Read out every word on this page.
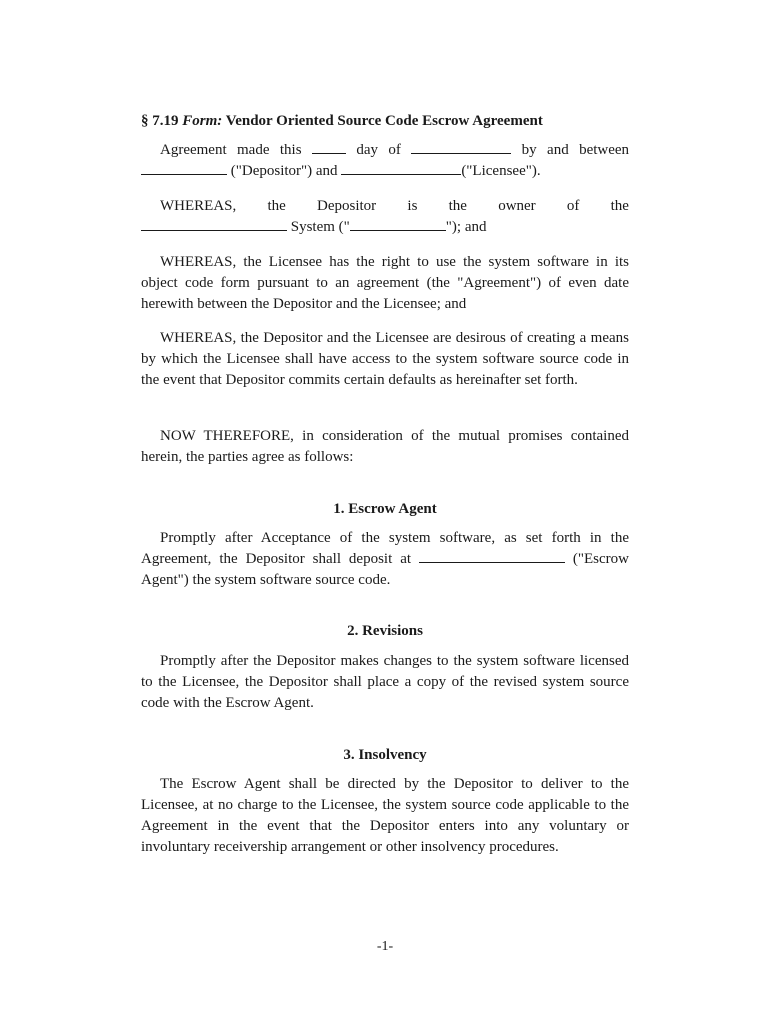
§ 7.19 Form: Vendor Oriented Source Code Escrow Agreement

Agreement made this	day of	by and between  ("Depositor") and	("Licensee").

WHEREAS, the Depositor is the owner of the
System ("	"); and

WHEREAS, the Licensee has the right to use the system software in its object code form pursuant to an agreement (the "Agreement") of even date herewith between the Depositor and the Licensee; and

WHEREAS, the Depositor and the Licensee are desirous of creating a means by which the Licensee shall have access to the system software source code in the event that Depositor commits certain defaults as hereinafter set forth.

NOW THEREFORE, in consideration of the mutual promises contained herein, the parties agree as follows:

1. Escrow Agent

Promptly after Acceptance of the system software, as set forth in the Agreement, the Depositor shall deposit at	("Escrow Agent") the system software source code.

2. Revisions

Promptly after the Depositor makes changes to the system software licensed to the Licensee, the Depositor shall place a copy of the revised system source code with the Escrow Agent.

3. Insolvency

The Escrow Agent shall be directed by the Depositor to deliver to the Licensee, at no charge to the Licensee, the system source code applicable to the Agreement in the event that the Depositor enters into any voluntary or involuntary receivership arrangement or other insolvency procedures.

-1-
